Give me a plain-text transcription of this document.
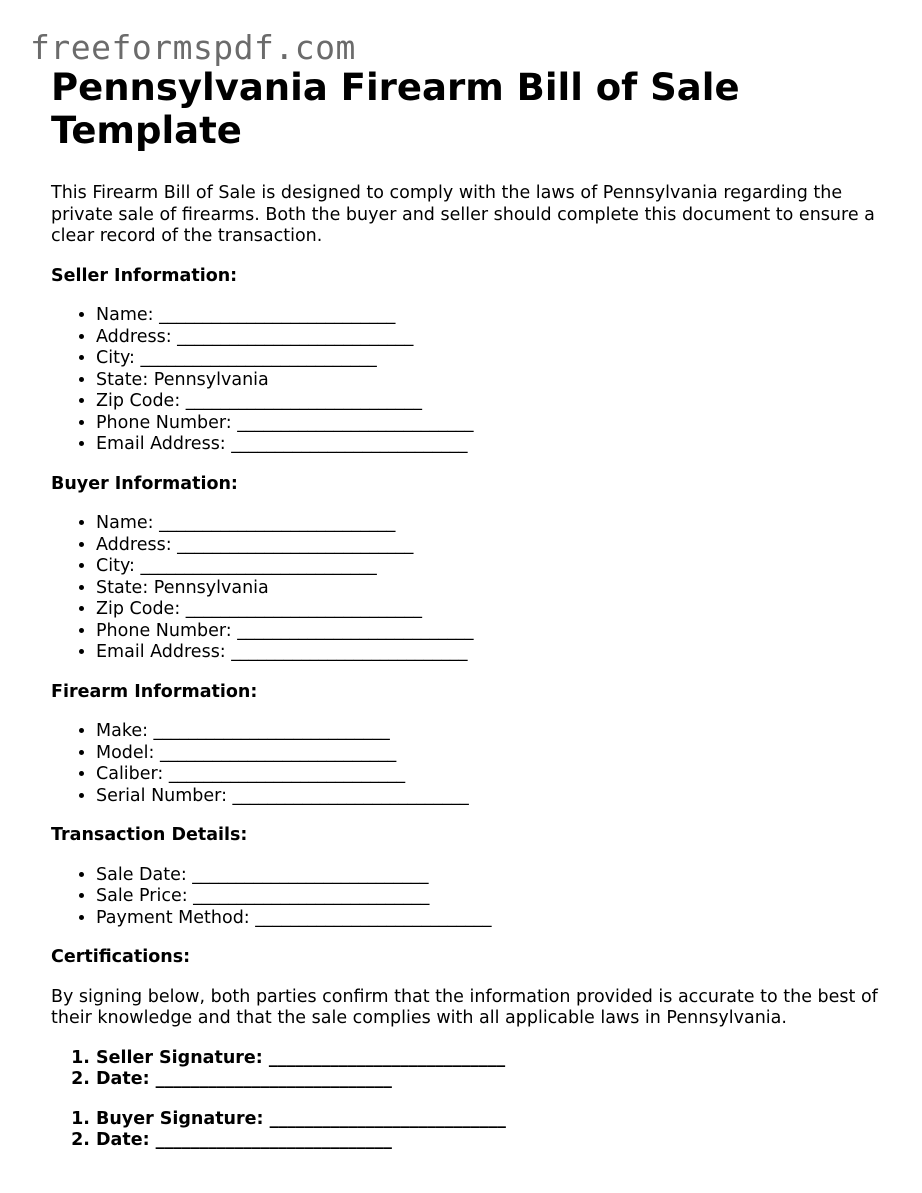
freeformspdf.com
Pennsylvania Firearm Bill of Sale Template

This Firearm Bill of Sale is designed to comply with the laws of Pennsylvania regarding the private sale of firearms. Both the buyer and seller should complete this document to ensure a clear record of the transaction.

Seller Information:
• Name: ___________________________
• Address: ___________________________
• City: ___________________________
• State: Pennsylvania
• Zip Code: ___________________________
• Phone Number: ___________________________
• Email Address: ___________________________
Buyer Information:
• Name: ___________________________
• Address: ___________________________
• City: ___________________________
• State: Pennsylvania
• Zip Code: ___________________________
• Phone Number: ___________________________
• Email Address: ___________________________
Firearm Information:
• Make: ___________________________
• Model: ___________________________
• Caliber: ___________________________
• Serial Number: ___________________________
Transaction Details:
• Sale Date: ___________________________
• Sale Price: ___________________________
• Payment Method: ___________________________
Certifications:

By signing below, both parties confirm that the information provided is accurate to the best of their knowledge and that the sale complies with all applicable laws in Pennsylvania.

1. Seller Signature: ___________________________
2. Date: ___________________________
1. Buyer Signature: ___________________________
2. Date: ___________________________
